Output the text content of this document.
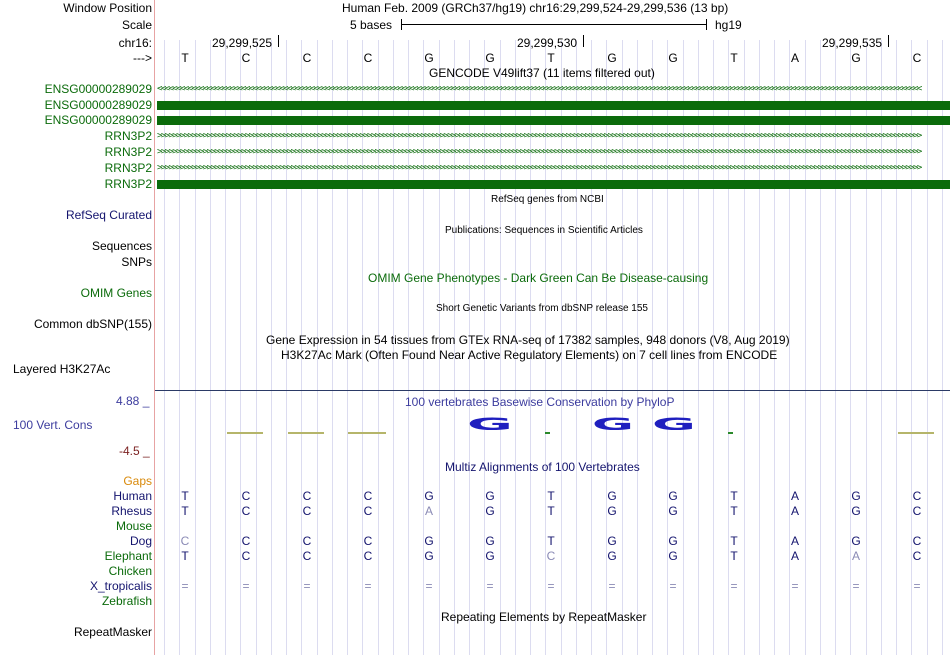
Window Position	Human Feb. 2009 (GRCh37/hg19) chr16:29,299,524-29,299,536 (13 bp)
Scale	5 bases	hg19
chr16:	29,299,525	29,299,530	29,299,535
--->	T	C	C	C	G	G	T	G	G	T	A	G	C
GENCODE V49lift37 (11 items filtered out)
ENSG00000289029 <<<<<<<<<<<<<<<<<<<<<<<<<<<<<<<<<<<<<<<<<<<<<<<<<<<<<<<<<<<<<<<<<<<<<<<<<<<<<<<<<<<<<<<<<<<<<<<<<<<<<<<<<<<<<<<<<<<<<<<<<<<<<<<<<<<<<<<<<<<<<<<<<<<<<<<<<<<<<<<<<<<<<<<<<<<<<<<<<<<<<<<<<<<<<<<<<<<<<<<<
ENSG00000289029
ENSG00000289029
RRN3P2 >>>>>>>>>>>>>>>>>>>>>>>>>>>>>>>>>>>>>>>>>>>>>>>>>>>>>>>>>>>>>>>>>>>>>>>>>>>>>>>>>>>>>>>>>>>>>>>>>>>>>>>>>>>>>>>>>>>>>>>>>>>>>>>>>>>>>>>>>>>>>>>>>>>>>>>>>>>>>>>>>>>>>>>>>>>>>>>>>>>>>>>>>>>>>>>>>>>>>>>>
RRN3P2 >>>>>>>>>>>>>>>>>>>>>>>>>>>>>>>>>>>>>>>>>>>>>>>>>>>>>>>>>>>>>>>>>>>>>>>>>>>>>>>>>>>>>>>>>>>>>>>>>>>>>>>>>>>>>>>>>>>>>>>>>>>>>>>>>>>>>>>>>>>>>>>>>>>>>>>>>>>>>>>>>>>>>>>>>>>>>>>>>>>>>>>>>>>>>>>>>>>>>>>>
RRN3P2 >>>>>>>>>>>>>>>>>>>>>>>>>>>>>>>>>>>>>>>>>>>>>>>>>>>>>>>>>>>>>>>>>>>>>>>>>>>>>>>>>>>>>>>>>>>>>>>>>>>>>>>>>>>>>>>>>>>>>>>>>>>>>>>>>>>>>>>>>>>>>>>>>>>>>>>>>>>>>>>>>>>>>>>>>>>>>>>>>>>>>>>>>>>>>>>>>>>>>>>>
RRN3P2
RefSeq genes from NCBI
RefSeq Curated
Publications: Sequences in Scientific Articles
Sequences
SNPs
OMIM Gene Phenotypes - Dark Green Can Be Disease-causing
OMIM Genes
Short Genetic Variants from dbSNP release 155
Common dbSNP(155)
Gene Expression in 54 tissues from GTEx RNA-seq of 17382 samples, 948 donors (V8, Aug 2019)
H3K27Ac Mark (Often Found Near Active Regulatory Elements) on 7 cell lines from ENCODE
Layered H3K27Ac
4.88 _	100 vertebrates Basewise Conservation by PhyloP
100 Vert. Cons
-4.5 _
G	G	G
Multiz Alignments of 100 Vertebrates
Gaps
Human	T	C	C	C	G	G	T	G	G	T	A	G	C
Rhesus	T	C	C	C	A	G	T	G	G	T	A	G	C
Mouse
Dog	C	C	C	C	G	G	T	G	G	T	A	G	C
Elephant	T	C	C	C	G	G	C	G	G	T	A	A	C
Chicken
X_tropicalis	=	=	=	=	=	=	=	=	=	=	=	=	=
Zebrafish
Repeating Elements by RepeatMasker
RepeatMasker
